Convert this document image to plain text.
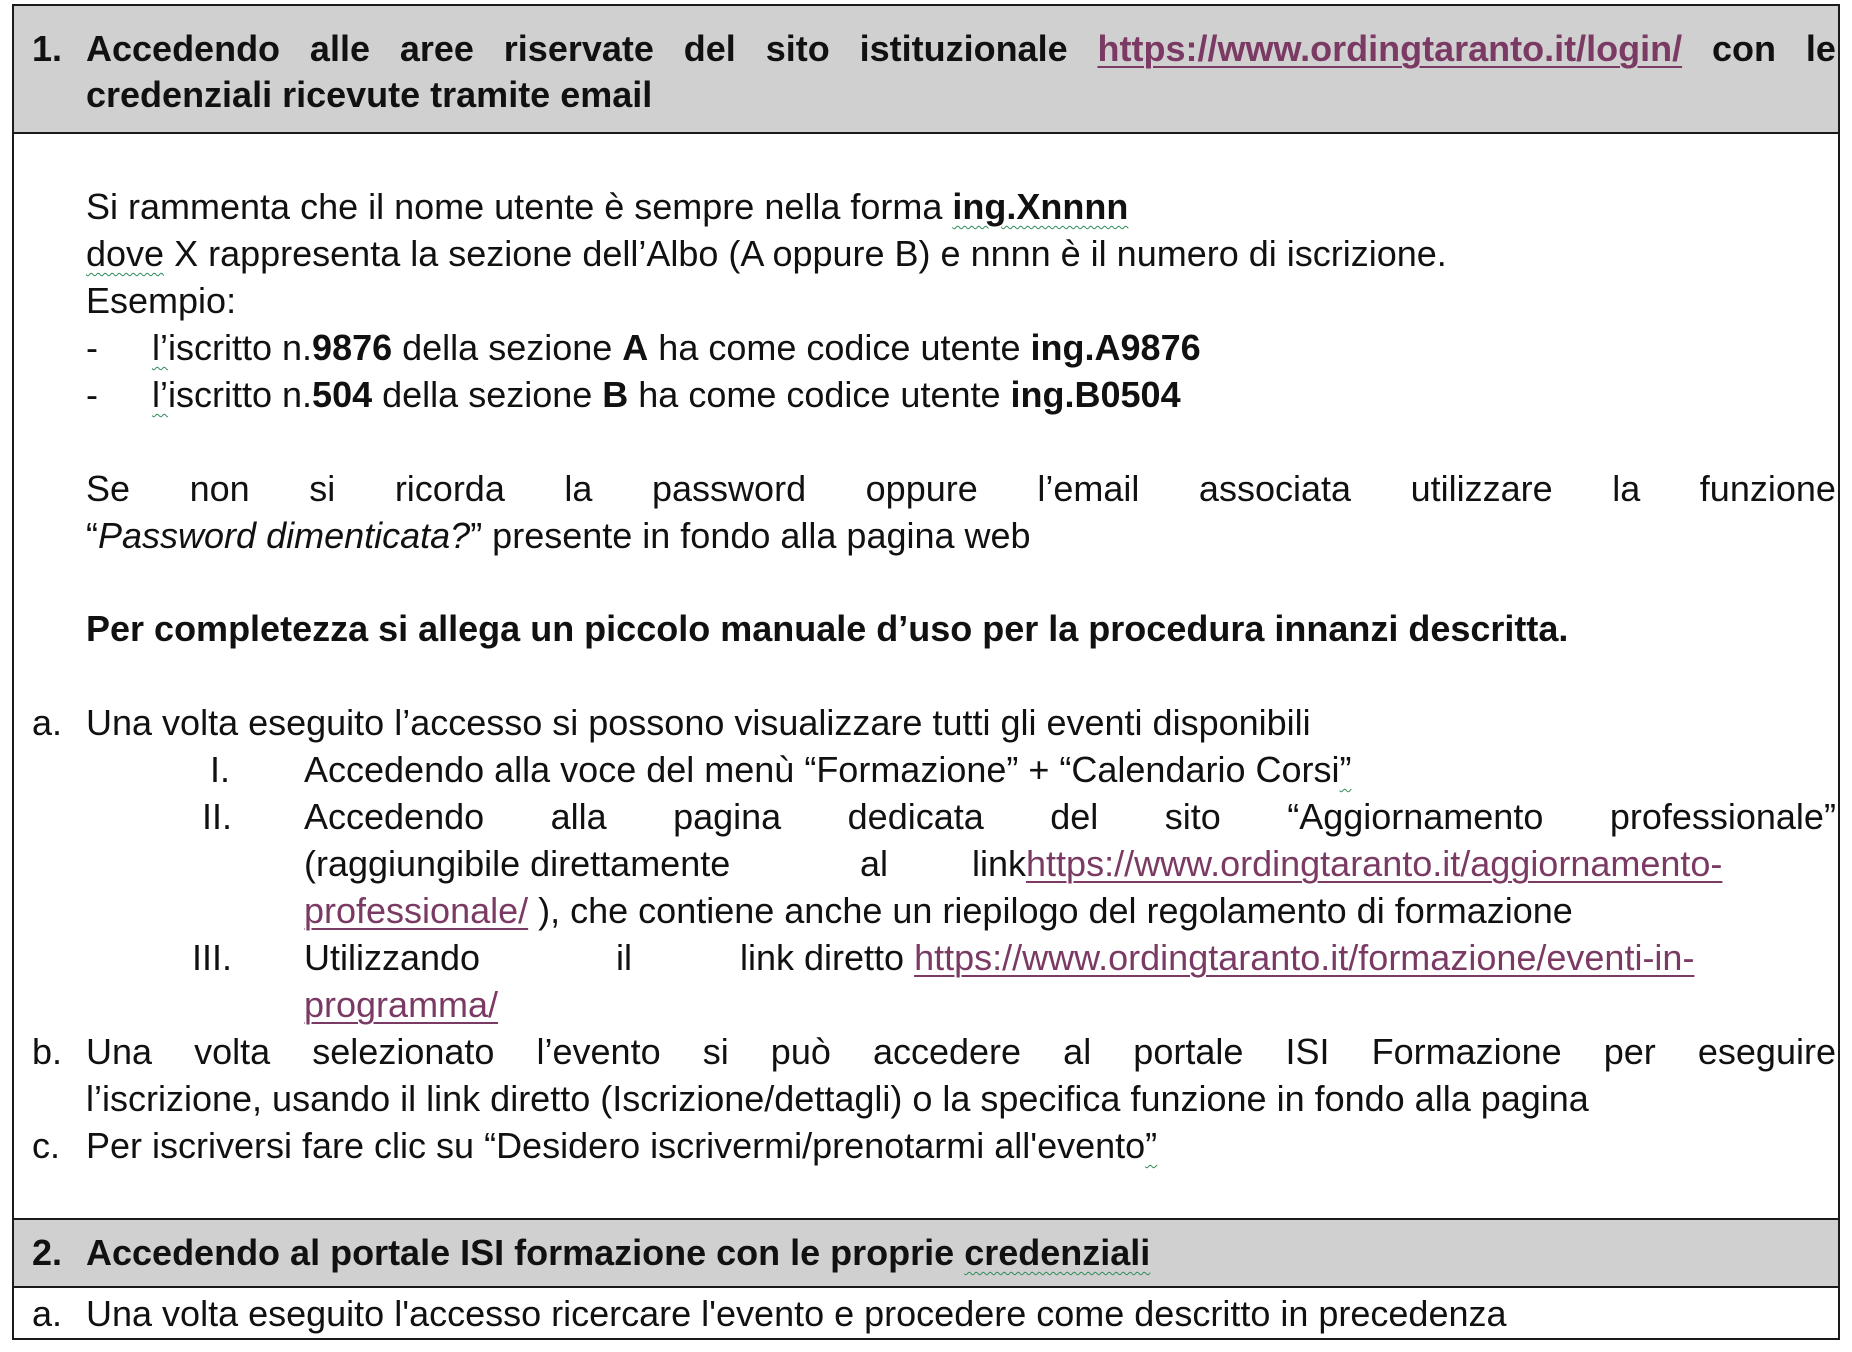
1. Accedendo alle aree riservate del sito istituzionale https://www.ordingtaranto.it/login/ con le
credenziali ricevute tramite email
Si rammenta che il nome utente è sempre nella forma ing.Xnnnn
dove X rappresenta la sezione dell’Albo (A oppure B) e nnnn è il numero di iscrizione.
Esempio:
- l’iscritto n.9876 della sezione A ha come codice utente ing.A9876
- l’iscritto n.504 della sezione B ha come codice utente ing.B0504
Se non si ricorda la password oppure l’email associata utilizzare la funzione
“Password dimenticata?” presente in fondo alla pagina web
Per completezza si allega un piccolo manuale d’uso per la procedura innanzi descritta.
a. Una volta eseguito l’accesso si possono visualizzare tutti gli eventi disponibili
I. Accedendo alla voce del menù “Formazione” + “Calendario Corsi”
II. Accedendo alla pagina dedicata del sito “Aggiornamento professionale”
(raggiungibile direttamente	al linkhttps://www.ordingtaranto.it/aggiornamento-
professionale/ ), che contiene anche un riepilogo del regolamento di formazione
III. Utilizzando	il	link diretto https://www.ordingtaranto.it/formazione/eventi-in-
programma/
b. Una volta selezionato l’evento si può accedere al portale ISI Formazione per eseguire
l’iscrizione, usando il link diretto (Iscrizione/dettagli) o la specifica funzione in fondo alla pagina
c. Per iscriversi fare clic su “Desidero iscrivermi/prenotarmi all'evento”
2. Accedendo al portale ISI formazione con le proprie credenziali
a. Una volta eseguito l'accesso ricercare l'evento e procedere come descritto in precedenza
